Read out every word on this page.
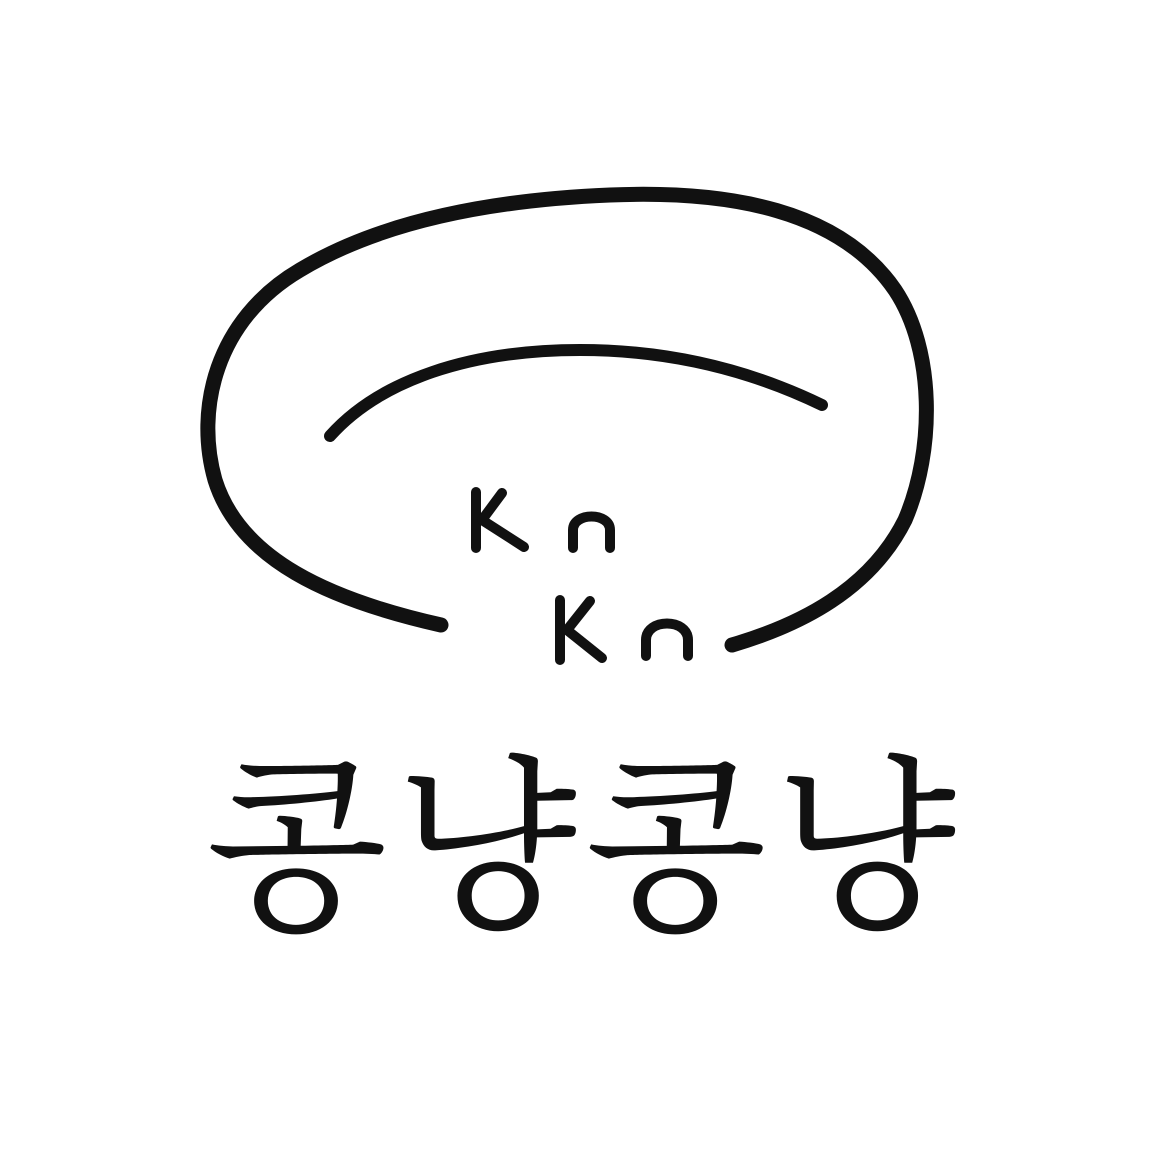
콩냥콩냥
